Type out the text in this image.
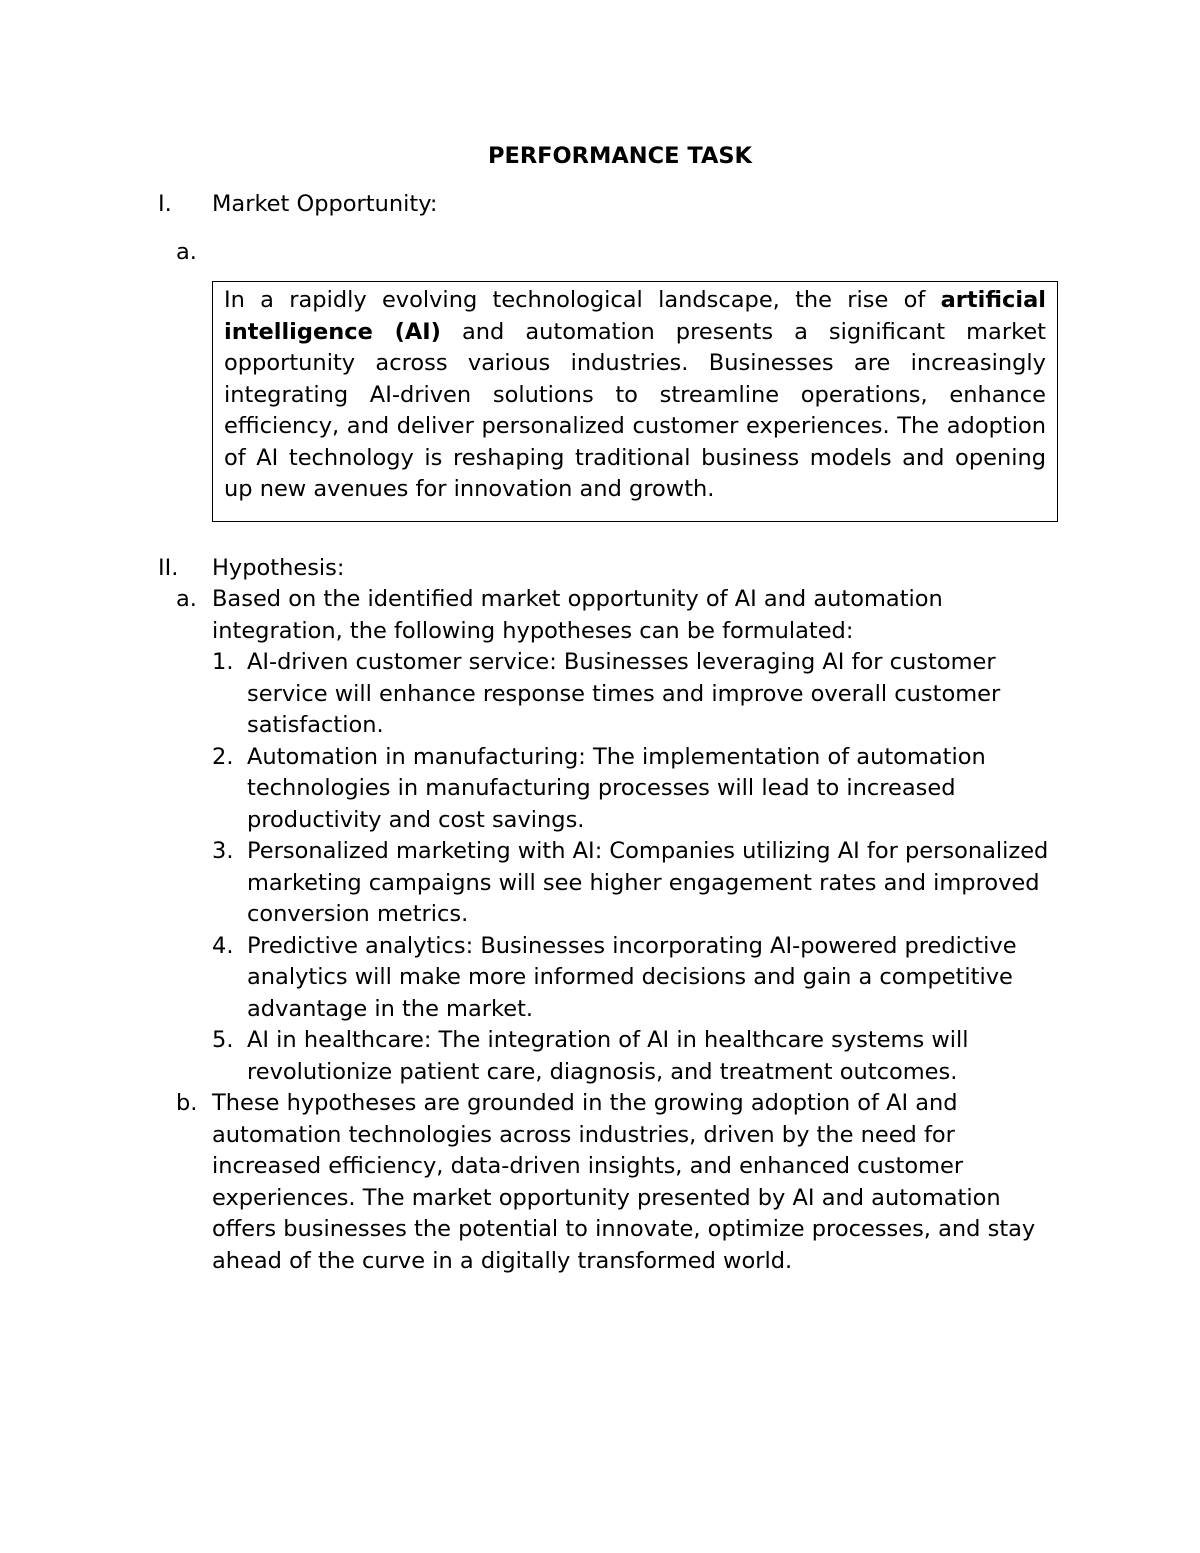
PERFORMANCE TASK
I. Market Opportunity:
a.
In a rapidly evolving technological landscape, the rise of artificial intelligence (AI) and automation presents a significant market opportunity across various industries. Businesses are increasingly integrating AI-driven solutions to streamline operations, enhance efficiency, and deliver personalized customer experiences. The adoption of AI technology is reshaping traditional business models and opening up new avenues for innovation and growth.
II. Hypothesis:
a. Based on the identified market opportunity of AI and automation integration, the following hypotheses can be formulated:
1. AI-driven customer service: Businesses leveraging AI for customer service will enhance response times and improve overall customer satisfaction.
2. Automation in manufacturing: The implementation of automation technologies in manufacturing processes will lead to increased productivity and cost savings.
3. Personalized marketing with AI: Companies utilizing AI for personalized marketing campaigns will see higher engagement rates and improved conversion metrics.
4. Predictive analytics: Businesses incorporating AI-powered predictive analytics will make more informed decisions and gain a competitive advantage in the market.
5. AI in healthcare: The integration of AI in healthcare systems will revolutionize patient care, diagnosis, and treatment outcomes.
b. These hypotheses are grounded in the growing adoption of AI and automation technologies across industries, driven by the need for increased efficiency, data-driven insights, and enhanced customer experiences. The market opportunity presented by AI and automation offers businesses the potential to innovate, optimize processes, and stay ahead of the curve in a digitally transformed world.
